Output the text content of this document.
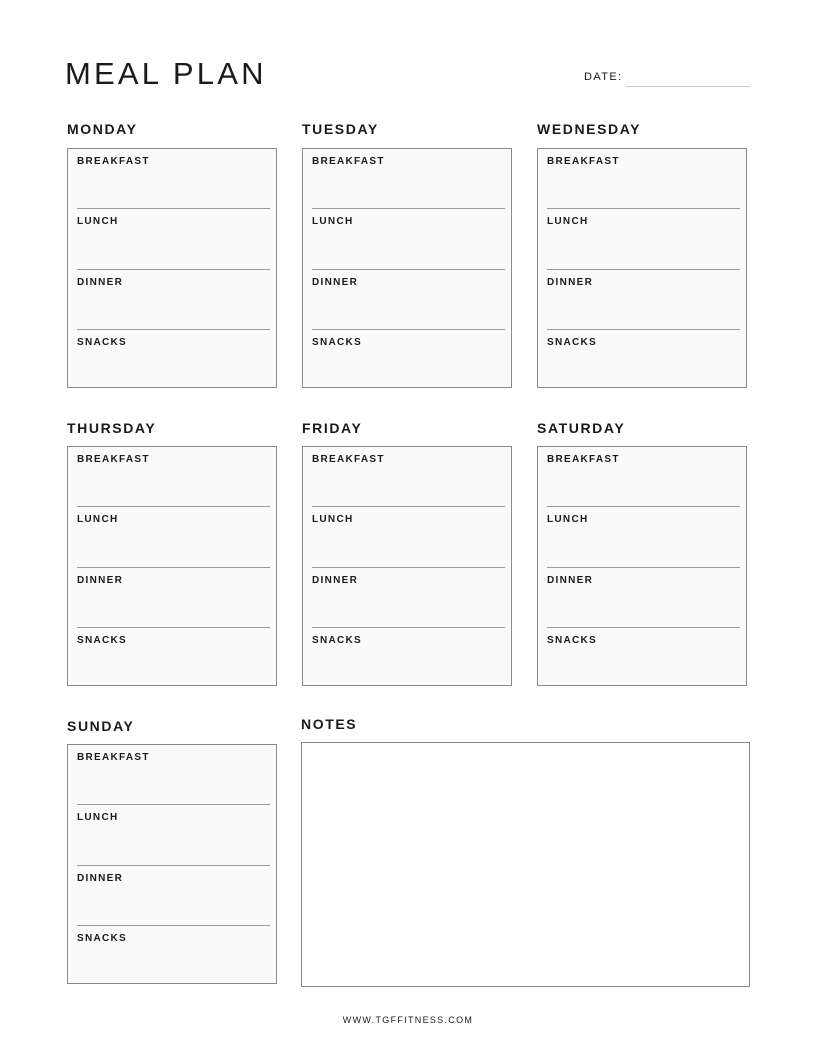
MEAL PLAN	DATE:
MONDAY
BREAKFAST
LUNCH
DINNER
SNACKS
TUESDAY
BREAKFAST
LUNCH
DINNER
SNACKS
WEDNESDAY
BREAKFAST
LUNCH
DINNER
SNACKS
THURSDAY
BREAKFAST
LUNCH
DINNER
SNACKS
FRIDAY
BREAKFAST
LUNCH
DINNER
SNACKS
SATURDAY
BREAKFAST
LUNCH
DINNER
SNACKS
SUNDAY
BREAKFAST
LUNCH
DINNER
SNACKS
NOTES
WWW.TGFFITNESS.COM
